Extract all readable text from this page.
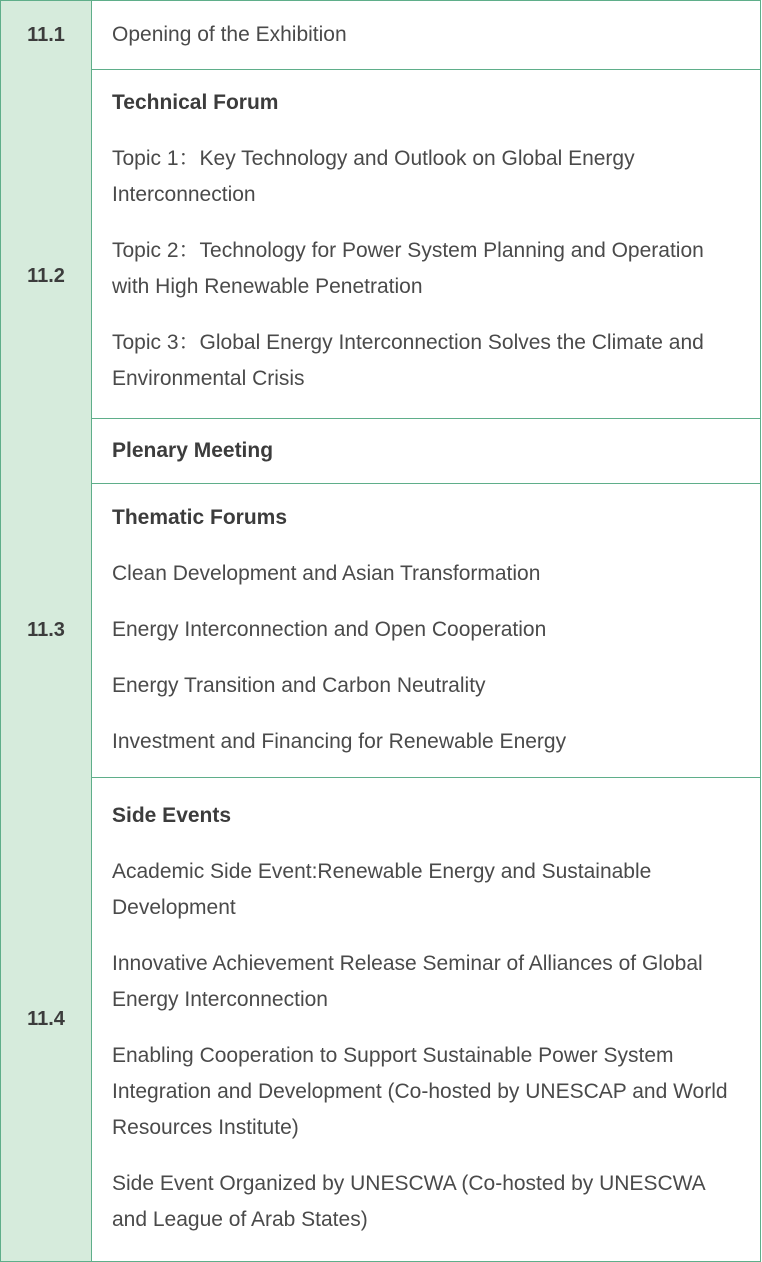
11.1	Opening of the Exhibition

11.2

Technical Forum

Topic 1：Key Technology and Outlook on Global Energy Interconnection

Topic 2：Technology for Power System Planning and Operation with High Renewable Penetration

Topic 3：Global Energy Interconnection Solves the Climate and Environmental Crisis

Plenary Meeting

11.3

Thematic Forums

Clean Development and Asian Transformation

Energy Interconnection and Open Cooperation

Energy Transition and Carbon Neutrality

Investment and Financing for Renewable Energy

11.4

Side Events

Academic Side Event:Renewable Energy and Sustainable Development

Innovative Achievement Release Seminar of Alliances of Global Energy Interconnection

Enabling Cooperation to Support Sustainable Power System Integration and Development (Co-hosted by UNESCAP and World Resources Institute)

Side Event Organized by UNESCWA (Co-hosted by UNESCWA and League of Arab States)
